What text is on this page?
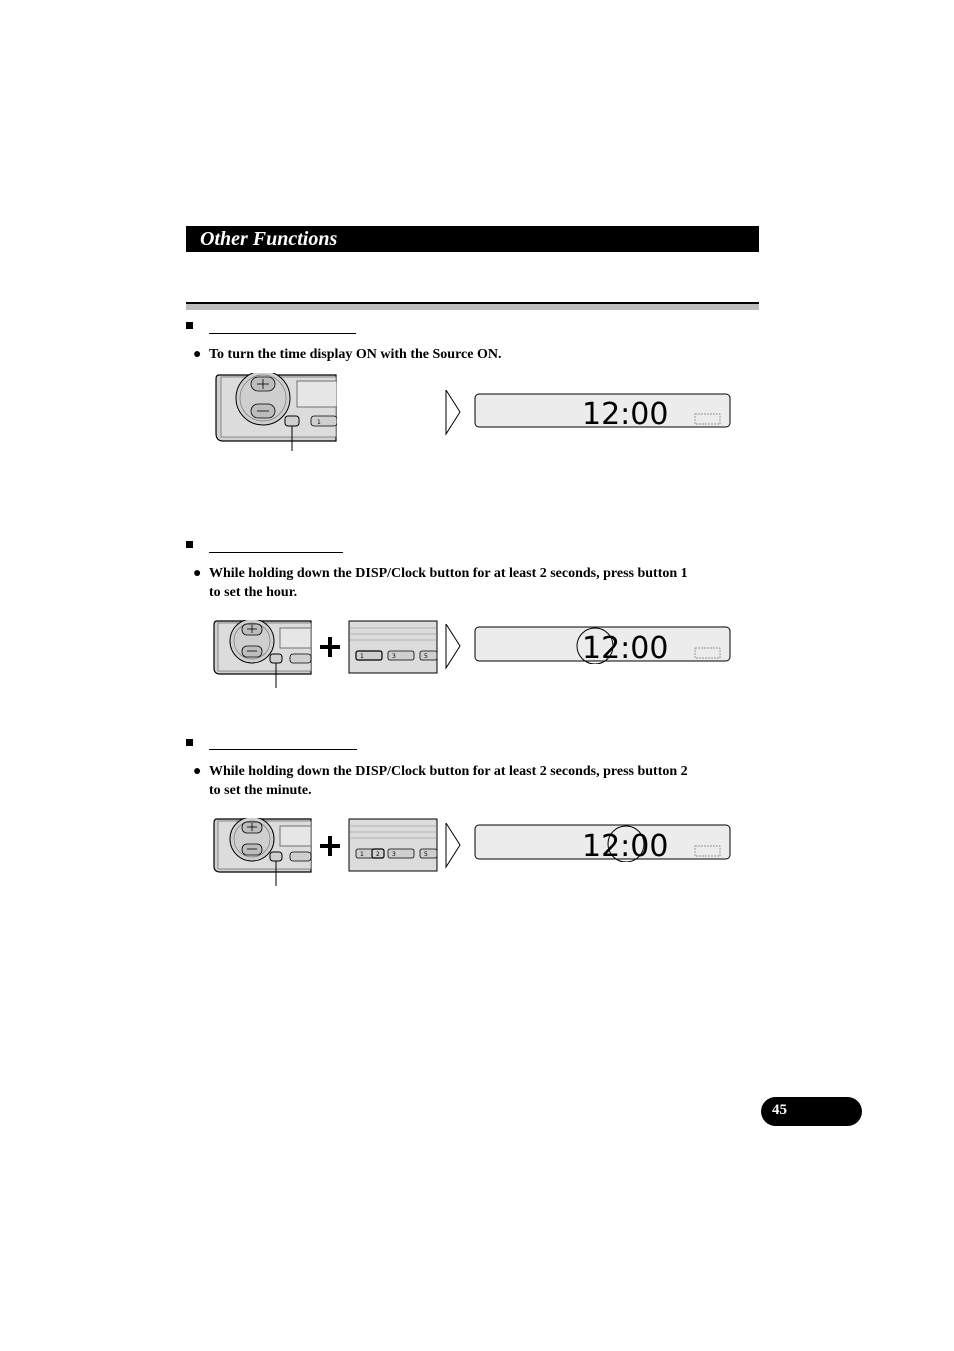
Other Functions
● To turn the time display ON with the Source ON.
1	12:00
● While holding down the DISP/Clock button for at least 2 seconds, press button 1
to set the hour.
1	3	5	12:00
● While holding down the DISP/Clock button for at least 2 seconds, press button 2
to set the minute.
1 2 3	5	12:00
45
